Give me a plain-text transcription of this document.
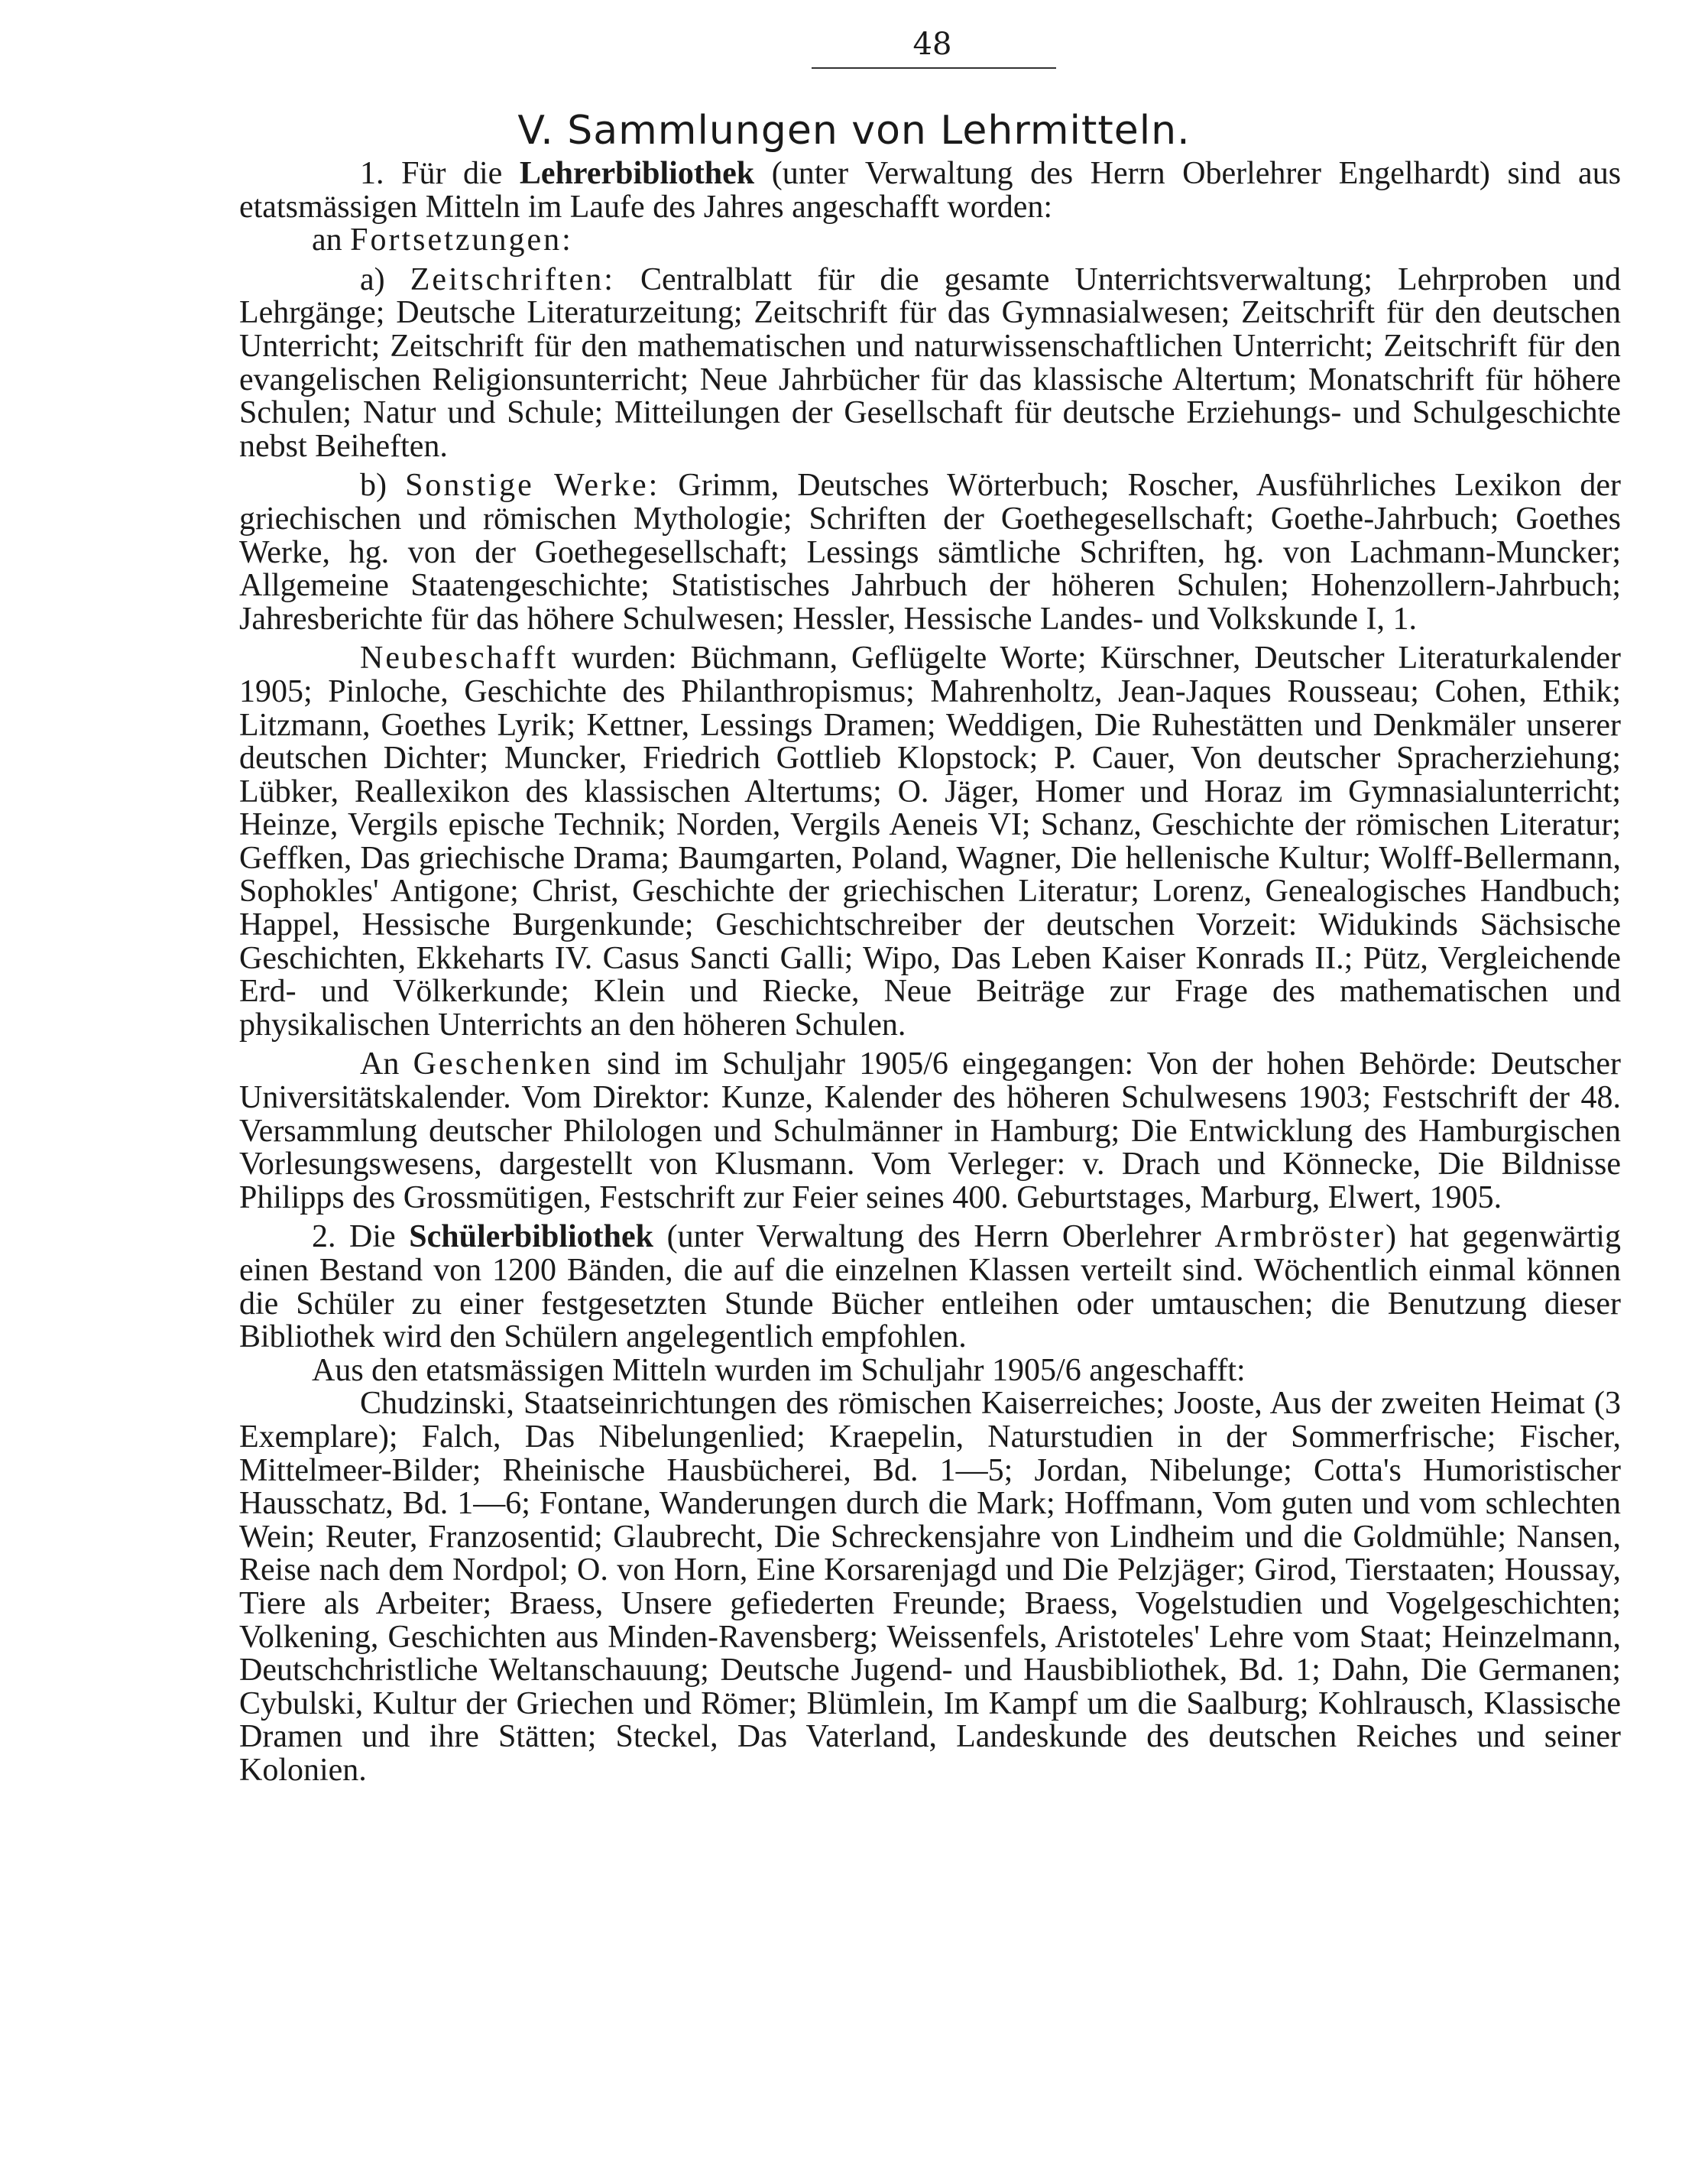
48
V. Sammlungen von Lehrmitteln.

1. Für die Lehrerbibliothek (unter Verwaltung des Herrn Oberlehrer Engelhardt) sind aus etatsmässigen Mitteln im Laufe des Jahres angeschafft worden:

an Fortsetzungen:

a) Zeitschriften: Centralblatt für die gesamte Unterrichtsverwaltung; Lehrproben und Lehrgänge; Deutsche Literaturzeitung; Zeitschrift für das Gymnasialwesen; Zeitschrift für den deutschen Unterricht; Zeitschrift für den mathematischen und naturwissenschaftlichen Unterricht; Zeitschrift für den evangelischen Religionsunterricht; Neue Jahrbücher für das klassische Altertum; Monatschrift für höhere Schulen; Natur und Schule; Mitteilungen der Gesellschaft für deutsche Erziehungs- und Schulgeschichte nebst Beiheften.

b) Sonstige Werke: Grimm, Deutsches Wörterbuch; Roscher, Ausführliches Lexikon der griechischen und römischen Mythologie; Schriften der Goethegesellschaft; Goethe-Jahrbuch; Goethes Werke, hg. von der Goethegesellschaft; Lessings sämtliche Schriften, hg. von Lachmann-Muncker; Allgemeine Staatengeschichte; Statistisches Jahrbuch der höheren Schulen; Hohenzollern-Jahrbuch; Jahresberichte für das höhere Schulwesen; Hessler, Hessische Landes- und Volkskunde I, 1.

Neubeschafft wurden: Büchmann, Geflügelte Worte; Kürschner, Deutscher Literaturkalender 1905; Pinloche, Geschichte des Philanthropismus; Mahrenholtz, Jean-Jaques Rousseau; Cohen, Ethik; Litzmann, Goethes Lyrik; Kettner, Lessings Dramen; Weddigen, Die Ruhestätten und Denkmäler unserer deutschen Dichter; Muncker, Friedrich Gottlieb Klopstock; P. Cauer, Von deutscher Spracherziehung; Lübker, Reallexikon des klassischen Altertums; O. Jäger, Homer und Horaz im Gymnasialunterricht; Heinze, Vergils epische Technik; Norden, Vergils Aeneis VI; Schanz, Geschichte der römischen Literatur; Geffken, Das griechische Drama; Baumgarten, Poland, Wagner, Die hellenische Kultur; Wolff-Bellermann, Sophokles' Antigone; Christ, Geschichte der griechischen Literatur; Lorenz, Genealogisches Handbuch; Happel, Hessische Burgenkunde; Geschichtschreiber der deutschen Vorzeit: Widukinds Sächsische Geschichten, Ekkeharts IV. Casus Sancti Galli; Wipo, Das Leben Kaiser Konrads II.; Pütz, Vergleichende Erd- und Völkerkunde; Klein und Riecke, Neue Beiträge zur Frage des mathematischen und physikalischen Unterrichts an den höheren Schulen.

An Geschenken sind im Schuljahr 1905/6 eingegangen: Von der hohen Behörde: Deutscher Universitätskalender. Vom Direktor: Kunze, Kalender des höheren Schulwesens 1903; Festschrift der 48. Versammlung deutscher Philologen und Schulmänner in Hamburg; Die Entwicklung des Hamburgischen Vorlesungswesens, dargestellt von Klusmann. Vom Verleger: v. Drach und Könnecke, Die Bildnisse Philipps des Grossmütigen, Festschrift zur Feier seines 400. Geburtstages, Marburg, Elwert, 1905.

2. Die Schülerbibliothek (unter Verwaltung des Herrn Oberlehrer Armbröster) hat gegenwärtig einen Bestand von 1200 Bänden, die auf die einzelnen Klassen verteilt sind. Wöchentlich einmal können die Schüler zu einer festgesetzten Stunde Bücher entleihen oder umtauschen; die Benutzung dieser Bibliothek wird den Schülern angelegentlich empfohlen.

Aus den etatsmässigen Mitteln wurden im Schuljahr 1905/6 angeschafft:

Chudzinski, Staatseinrichtungen des römischen Kaiserreiches; Jooste, Aus der zweiten Heimat (3 Exemplare); Falch, Das Nibelungenlied; Kraepelin, Naturstudien in der Sommerfrische; Fischer, Mittelmeer-Bilder; Rheinische Hausbücherei, Bd. 1—5; Jordan, Nibelunge; Cotta's Humoristischer Hausschatz, Bd. 1—6; Fontane, Wanderungen durch die Mark; Hoffmann, Vom guten und vom schlechten Wein; Reuter, Franzosentid; Glaubrecht, Die Schreckensjahre von Lindheim und die Goldmühle; Nansen, Reise nach dem Nordpol; O. von Horn, Eine Korsarenjagd und Die Pelzjäger; Girod, Tierstaaten; Houssay, Tiere als Arbeiter; Braess, Unsere gefiederten Freunde; Braess, Vogelstudien und Vogelgeschichten; Volkening, Geschichten aus Minden-Ravensberg; Weissenfels, Aristoteles' Lehre vom Staat; Heinzelmann, Deutschchristliche Weltanschauung; Deutsche Jugend- und Hausbibliothek, Bd. 1; Dahn, Die Germanen; Cybulski, Kultur der Griechen und Römer; Blümlein, Im Kampf um die Saalburg; Kohlrausch, Klassische Dramen und ihre Stätten; Steckel, Das Vaterland, Landeskunde des deutschen Reiches und seiner Kolonien.
